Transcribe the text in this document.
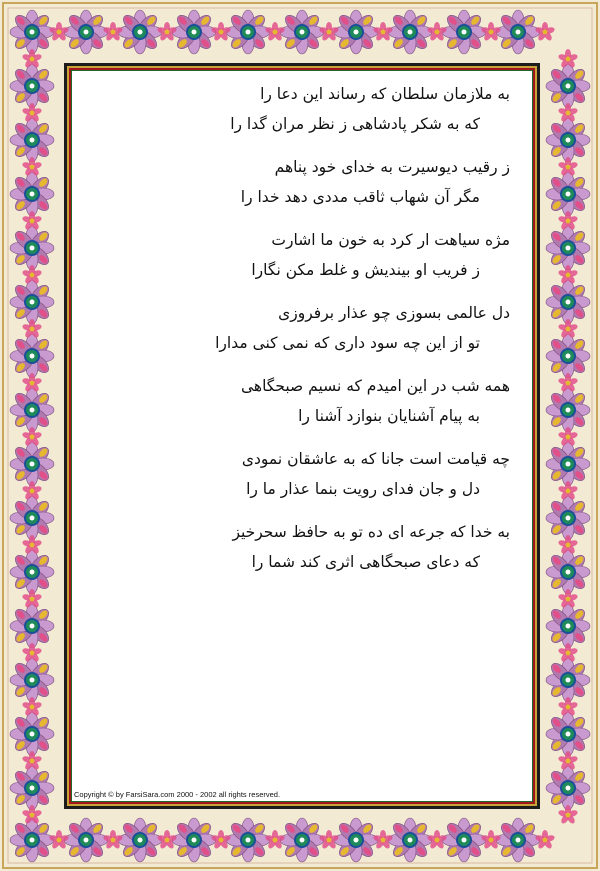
به ملازمان سلطان که رساند این دعا را
که به شکر پادشاهی ز نظر مران گدا را
ز رقیب دیوسیرت به خدای خود پناهم
مگر آن شهاب ثاقب مددی دهد خدا را
مژه سیاهت ار کرد به خون ما اشارت
ز فریب او بیندیش و غلط مکن نگارا
دل عالمی بسوزی چو عذار برفروزی
تو از این چه سود داری که نمی کنی مدارا
همه شب در این امیدم که نسیم صبحگاهی
به پیام آشنایان بنوازد آشنا را
چه قیامت است جانا که به عاشقان نمودی
دل و جان فدای رویت بنما عذار ما را
به خدا که جرعه ای ده تو به حافظ سحرخیز
که دعای صبحگاهی اثری کند شما را
Copyright © by FarsiSara.com 2000 - 2002 all rights reserved.
